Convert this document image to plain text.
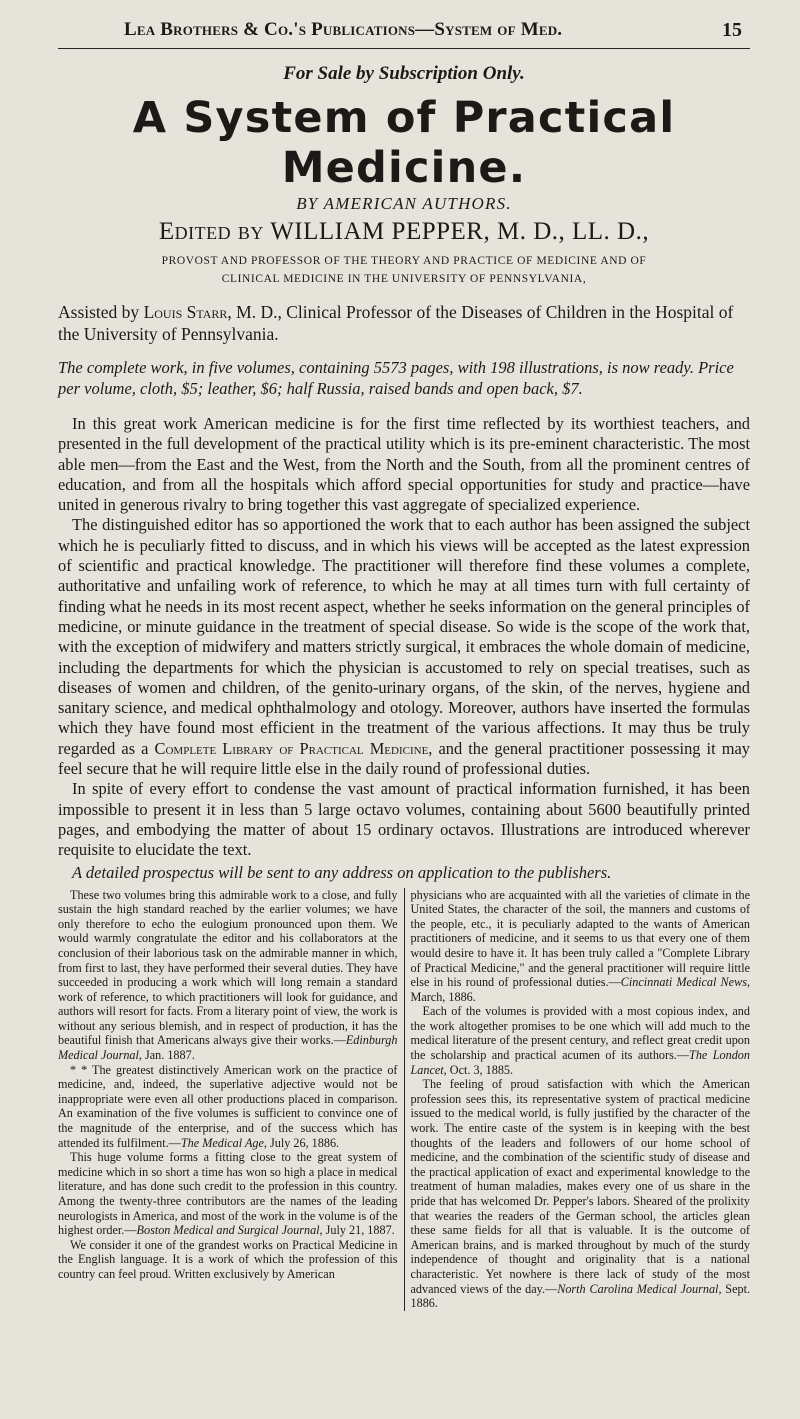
Lea Brothers & Co.'s Publications—System of Med.	15
For Sale by Subscription Only.
A System of Practical Medicine.
BY AMERICAN AUTHORS.
Edited by WILLIAM PEPPER, M. D., LL. D.,
PROVOST AND PROFESSOR OF THE THEORY AND PRACTICE OF MEDICINE AND OF
CLINICAL MEDICINE IN THE UNIVERSITY OF PENNSYLVANIA,
Assisted by Louis Starr, M. D., Clinical Professor of the Diseases of Children in the Hospital of the University of Pennsylvania.
The complete work, in five volumes, containing 5573 pages, with 198 illustrations, is now ready. Price per volume, cloth, $5; leather, $6; half Russia, raised bands and open back, $7.

In this great work American medicine is for the first time reflected by its worthiest teachers, and presented in the full development of the practical utility which is its pre-eminent characteristic. The most able men—from the East and the West, from the North and the South, from all the prominent centres of education, and from all the hospitals which afford special opportunities for study and practice—have united in generous rivalry to bring together this vast aggregate of specialized experience.

The distinguished editor has so apportioned the work that to each author has been assigned the subject which he is peculiarly fitted to discuss, and in which his views will be accepted as the latest expression of scientific and practical knowledge. The practitioner will therefore find these volumes a complete, authoritative and unfailing work of reference, to which he may at all times turn with full certainty of finding what he needs in its most recent aspect, whether he seeks information on the general principles of medicine, or minute guidance in the treatment of special disease. So wide is the scope of the work that, with the exception of midwifery and matters strictly surgical, it embraces the whole domain of medicine, including the departments for which the physician is accustomed to rely on special treatises, such as diseases of women and children, of the genito-urinary organs, of the skin, of the nerves, hygiene and sanitary science, and medical ophthalmology and otology. Moreover, authors have inserted the formulas which they have found most efficient in the treatment of the various affections. It may thus be truly regarded as a Complete Library of Practical Medicine, and the general practitioner possessing it may feel secure that he will require little else in the daily round of professional duties.

In spite of every effort to condense the vast amount of practical information furnished, it has been impossible to present it in less than 5 large octavo volumes, containing about 5600 beautifully printed pages, and embodying the matter of about 15 ordinary octavos. Illustrations are introduced wherever requisite to elucidate the text.

A detailed prospectus will be sent to any address on application to the publishers.

These two volumes bring this admirable work to a close, and fully sustain the high standard reached by the earlier volumes; we have only therefore to echo the eulogium pronounced upon them. We would warmly congratulate the editor and his collaborators at the conclusion of their laborious task on the admirable manner in which, from first to last, they have performed their several duties. They have succeeded in producing a work which will long remain a standard work of reference, to which practitioners will look for guidance, and authors will resort for facts. From a literary point of view, the work is without any serious blemish, and in respect of production, it has the beautiful finish that Americans always give their works.—Edinburgh Medical Journal, Jan. 1887.

* * The greatest distinctively American work on the practice of medicine, and, indeed, the superlative adjective would not be inappropriate were even all other productions placed in comparison. An examination of the five volumes is sufficient to convince one of the magnitude of the enterprise, and of the success which has attended its fulfilment.—The Medical Age, July 26, 1886.

This huge volume forms a fitting close to the great system of medicine which in so short a time has won so high a place in medical literature, and has done such credit to the profession in this country. Among the twenty-three contributors are the names of the leading neurologists in America, and most of the work in the volume is of the highest order.—Boston Medical and Surgical Journal, July 21, 1887.

We consider it one of the grandest works on Practical Medicine in the English language. It is a work of which the profession of this country can feel proud. Written exclusively by American

physicians who are acquainted with all the varieties of climate in the United States, the character of the soil, the manners and customs of the people, etc., it is peculiarly adapted to the wants of American practitioners of medicine, and it seems to us that every one of them would desire to have it. It has been truly called a "Complete Library of Practical Medicine," and the general practitioner will require little else in his round of professional duties.—Cincinnati Medical News, March, 1886.

Each of the volumes is provided with a most copious index, and the work altogether promises to be one which will add much to the medical literature of the present century, and reflect great credit upon the scholarship and practical acumen of its authors.—The London Lancet, Oct. 3, 1885.

The feeling of proud satisfaction with which the American profession sees this, its representative system of practical medicine issued to the medical world, is fully justified by the character of the work. The entire caste of the system is in keeping with the best thoughts of the leaders and followers of our home school of medicine, and the combination of the scientific study of disease and the practical application of exact and experimental knowledge to the treatment of human maladies, makes every one of us share in the pride that has welcomed Dr. Pepper's labors. Sheared of the prolixity that wearies the readers of the German school, the articles glean these same fields for all that is valuable. It is the outcome of American brains, and is marked throughout by much of the sturdy independence of thought and originality that is a national characteristic. Yet nowhere is there lack of study of the most advanced views of the day.—North Carolina Medical Journal, Sept. 1886.
